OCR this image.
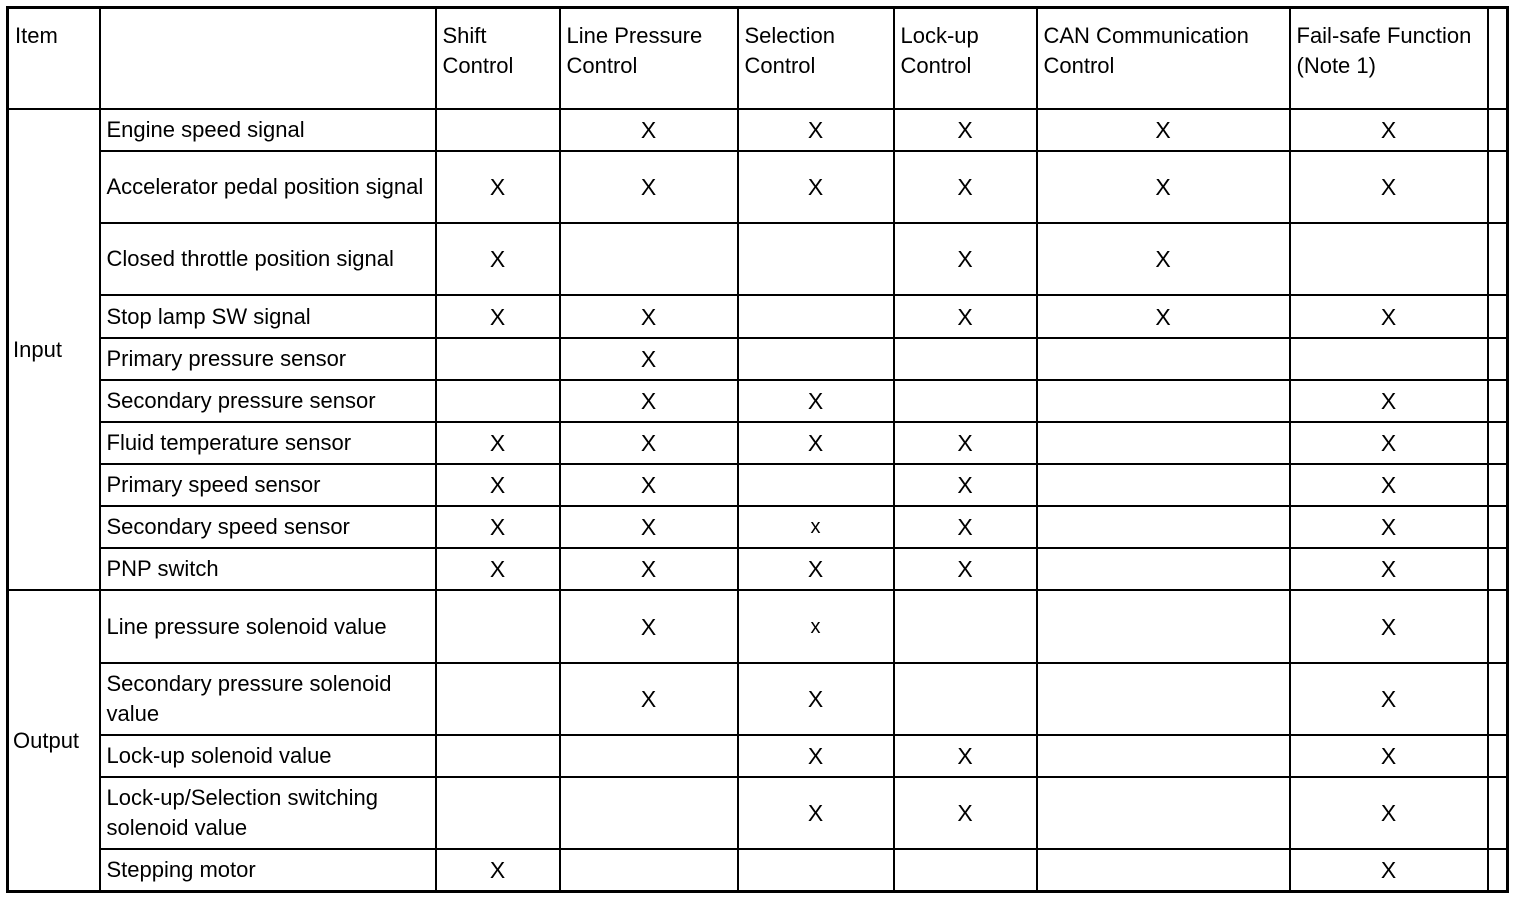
Item		Shift Control	Line Pressure Control	Selection Control	Lock-up Control	CAN Communication Control	Fail-safe Function (Note 1)	
Input	Engine speed signal		X	X	X	X	X	
	Accelerator pedal position signal	X	X	X	X	X	X	
	Closed throttle position signal	X			X	X		
	Stop lamp SW signal	X	X		X	X	X	
	Primary pressure sensor		X					
	Secondary pressure sensor		X	X			X	
	Fluid temperature sensor	X	X	X	X		X	
	Primary speed sensor	X	X		X		X	
	Secondary speed sensor	X	X	x	X		X	
	PNP switch	X	X	X	X		X	
Output	Line pressure solenoid value		X	x			X	
	Secondary pressure solenoid value		X	X			X	
	Lock-up solenoid value			X	X		X	
	Lock-up/Selection switching solenoid value			X	X		X	
	Stepping motor	X					X	
